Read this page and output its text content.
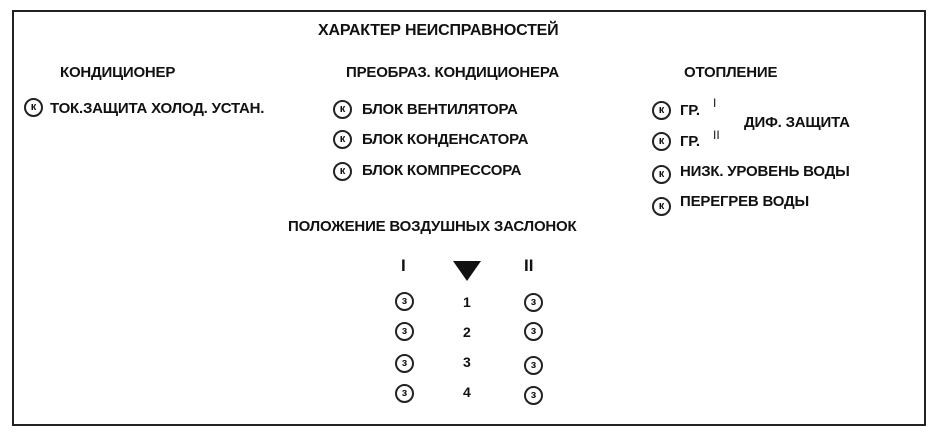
ХАРАКТЕР НЕИСПРАВНОСТЕЙ
КОНДИЦИОНЕР
к ТОК.ЗАЩИТА ХОЛОД. УСТАН.
ПРЕОБРАЗ. КОНДИЦИОНЕРА
к	БЛОК ВЕНТИЛЯТОРА
к	БЛОК КОНДЕНСАТОРА
к	БЛОК КОМПРЕССОРА
ОТОПЛЕНИЕ
к	ГР. I
к	ГР. II
ДИФ. ЗАЩИТА
к	НИЗК. УРОВЕНЬ ВОДЫ
к	ПЕРЕГРЕВ ВОДЫ
ПОЛОЖЕНИЕ ВОЗДУШНЫХ ЗАСЛОНОК
I	II
з	1	з
з	2	з
з	3	з
з	4	з
